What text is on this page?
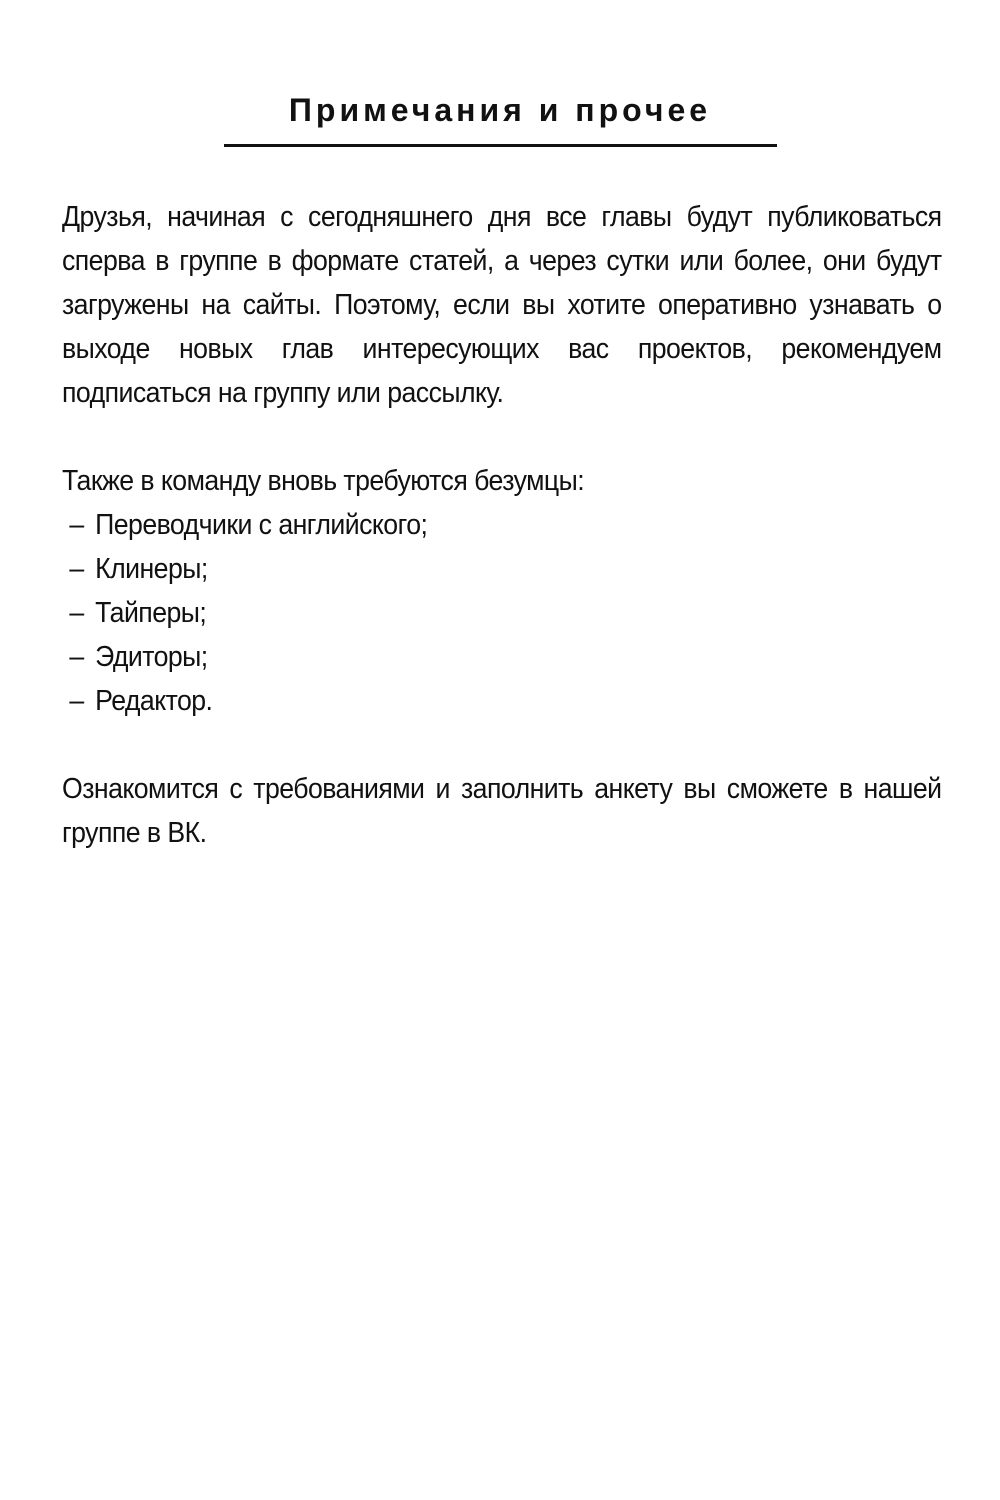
Примечания и прочее

Друзья, начиная с сегодняшнего дня все главы будут публиковаться сперва в группе в формате статей, а через сутки или более, они будут загружены на сайты. Поэтому, если вы хотите оперативно узнавать о выходе новых глав интересующих вас проектов, рекомендуем подписаться на группу или рассылку.

Также в команду вновь требуются безумцы:

– Переводчики с английского;
– Клинеры;
– Тайперы;
– Эдиторы;
– Редактор.

Ознакомится с требованиями и заполнить анкету вы сможете в нашей группе в ВК.
